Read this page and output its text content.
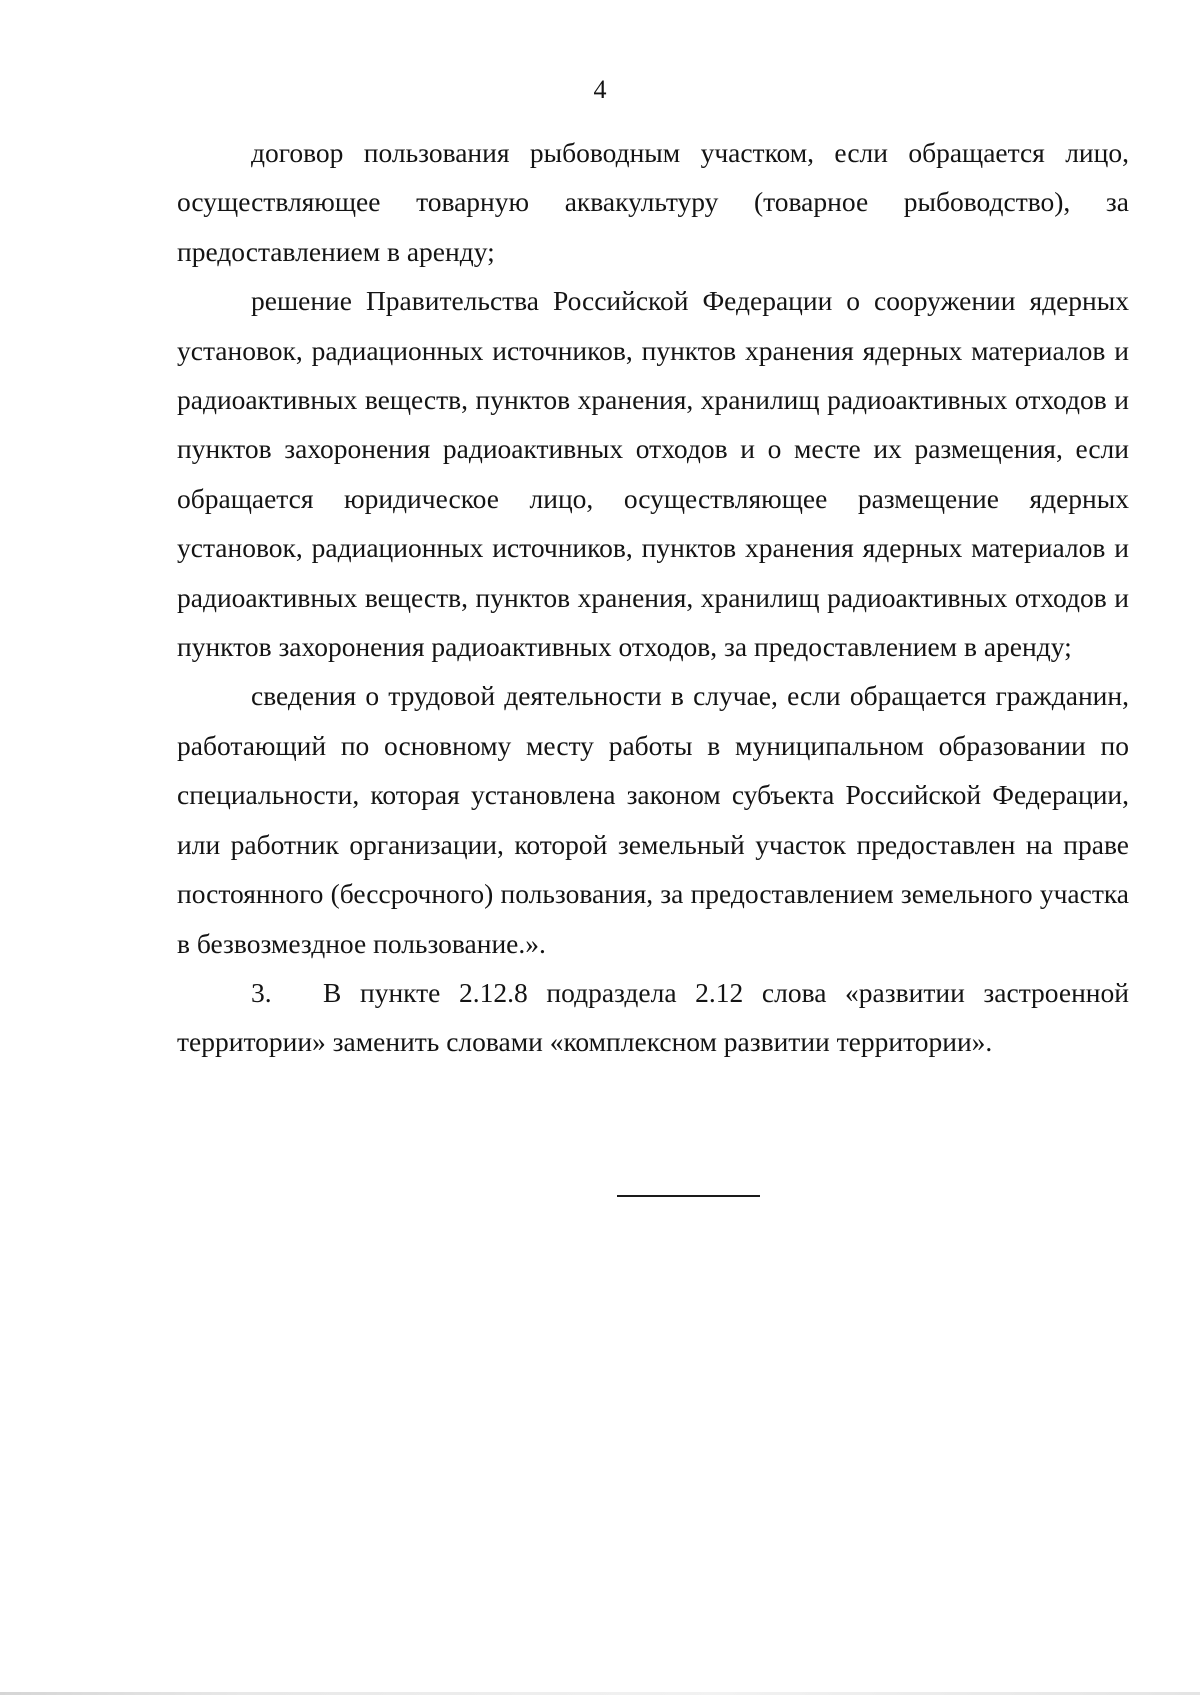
4

договор пользования рыбоводным участком, если обращается лицо, осуществляющее товарную аквакультуру (товарное рыбоводство), за предоставлением в аренду;

решение Правительства Российской Федерации о сооружении ядерных установок, радиационных источников, пунктов хранения ядерных материалов и радиоактивных веществ, пунктов хранения, хранилищ радиоактивных отходов и пунктов захоронения радиоактивных отходов и о месте их размещения, если обращается юридическое лицо, осуществляющее размещение ядерных установок, радиационных источников, пунктов хранения ядерных материалов и радиоактивных веществ, пунктов хранения, хранилищ радиоактивных отходов и пунктов захоронения радиоактивных отходов, за предоставлением в аренду;

сведения о трудовой деятельности в случае, если обращается гражданин, работающий по основному месту работы в муниципальном образовании по специальности, которая установлена законом субъекта Российской Федерации, или работник организации, которой земельный участок предоставлен на праве постоянного (бессрочного) пользования, за предоставлением земельного участка в безвозмездное пользование.».

3. В пункте 2.12.8 подраздела 2.12 слова «развитии застроенной территории» заменить словами «комплексном развитии территории».
